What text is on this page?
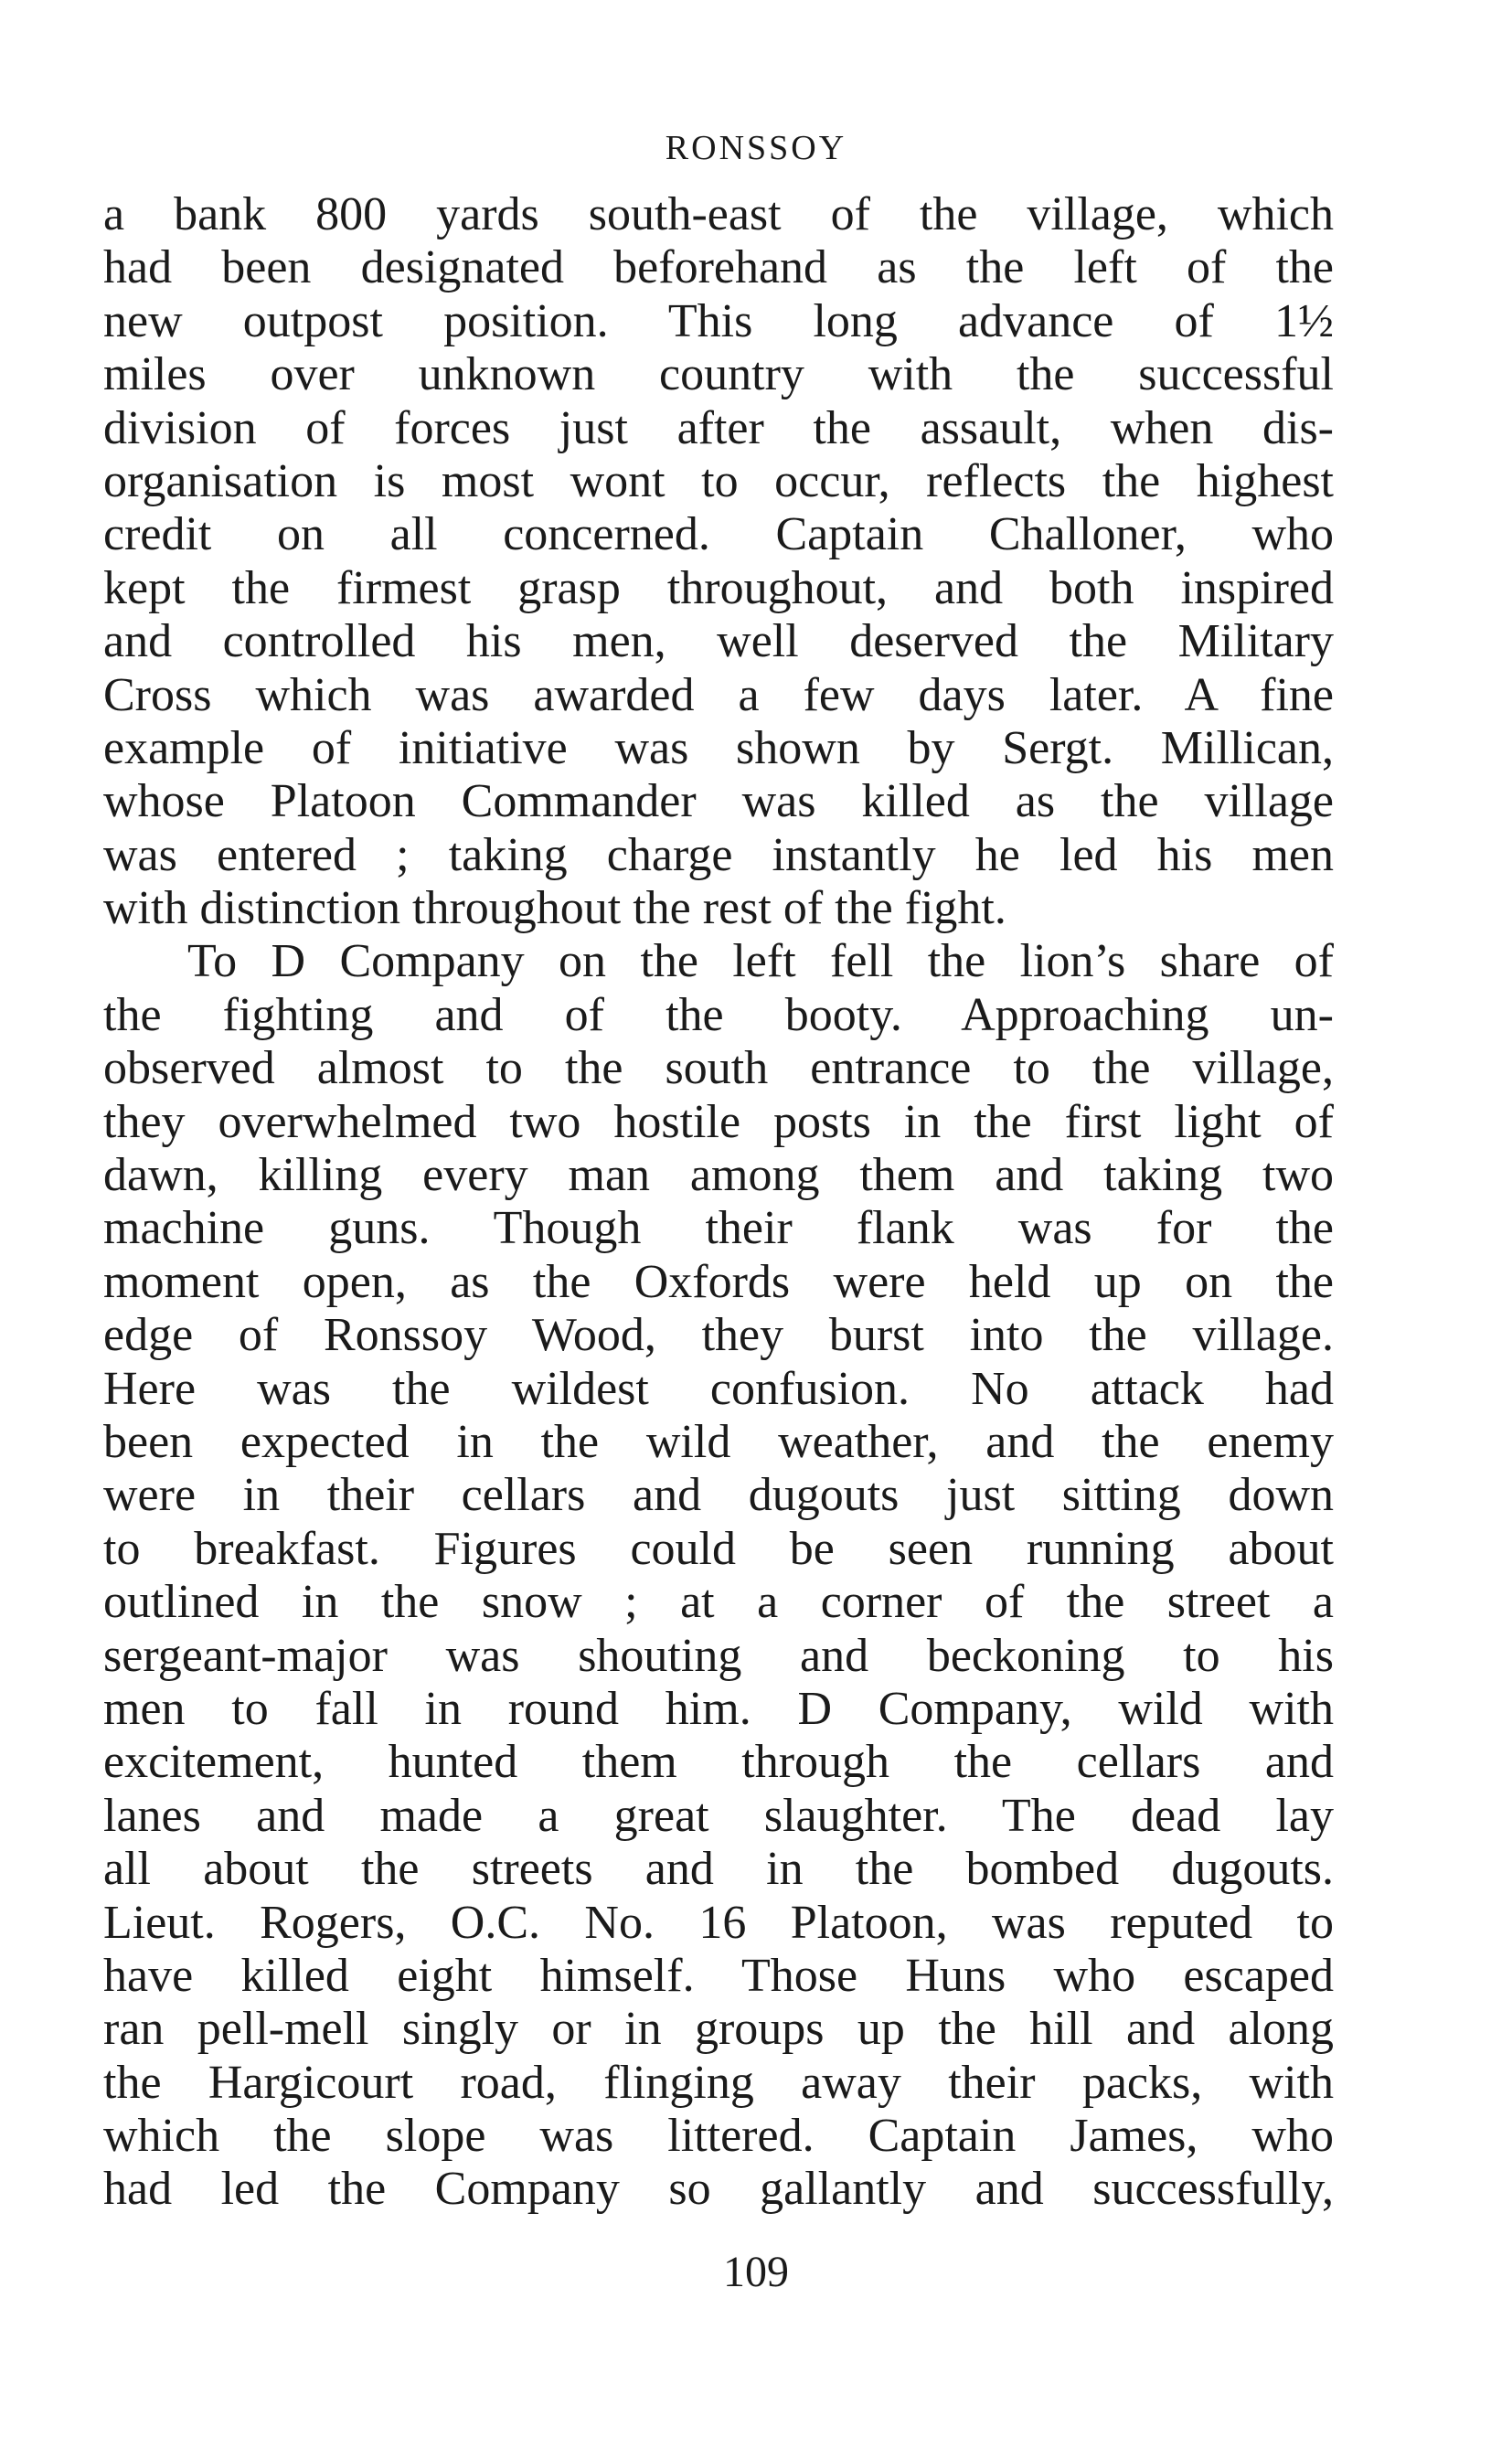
RONSSOY
a bank 800 yards south-east of the village, which
had been designated beforehand as the left of the
new outpost position. This long advance of 1½
miles over unknown country with the successful
division of forces just after the assault, when dis-
organisation is most wont to occur, reflects the highest
credit on all concerned. Captain Challoner, who
kept the firmest grasp throughout, and both inspired
and controlled his men, well deserved the Military
Cross which was awarded a few days later. A fine
example of initiative was shown by Sergt. Millican,
whose Platoon Commander was killed as the village
was entered ; taking charge instantly he led his men
with distinction throughout the rest of the fight.
To D Company on the left fell the lion’s share of
the fighting and of the booty. Approaching un-
observed almost to the south entrance to the village,
they overwhelmed two hostile posts in the first light of
dawn, killing every man among them and taking two
machine guns. Though their flank was for the
moment open, as the Oxfords were held up on the
edge of Ronssoy Wood, they burst into the village.
Here was the wildest confusion. No attack had
been expected in the wild weather, and the enemy
were in their cellars and dugouts just sitting down
to breakfast. Figures could be seen running about
outlined in the snow ; at a corner of the street a
sergeant-major was shouting and beckoning to his
men to fall in round him. D Company, wild with
excitement, hunted them through the cellars and
lanes and made a great slaughter. The dead lay
all about the streets and in the bombed dugouts.
Lieut. Rogers, O.C. No. 16 Platoon, was reputed to
have killed eight himself. Those Huns who escaped
ran pell-mell singly or in groups up the hill and along
the Hargicourt road, flinging away their packs, with
which the slope was littered. Captain James, who
had led the Company so gallantly and successfully,
109
